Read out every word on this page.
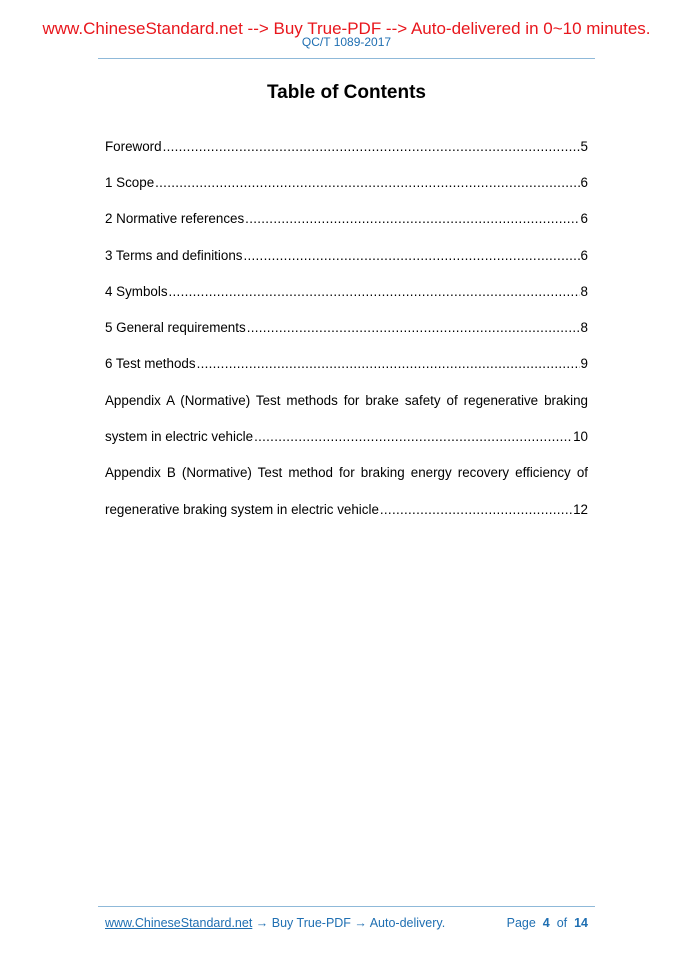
www.ChineseStandard.net --> Buy True-PDF --> Auto-delivered in 0~10 minutes.
QC/T 1089-2017
Table of Contents
Foreword .....	5
1 Scope .....	6
2 Normative references .....	6
3 Terms and definitions .....	6
4 Symbols .....	8
5 General requirements .....	8
6 Test methods .....	9
Appendix A (Normative) Test methods for brake safety of regenerative braking
system in electric vehicle .....	10
Appendix B (Normative) Test method for braking energy recovery efficiency of
regenerative braking system in electric vehicle .....	12
www.ChineseStandard.net → Buy True-PDF → Auto-delivery.	Page 4 of 14
